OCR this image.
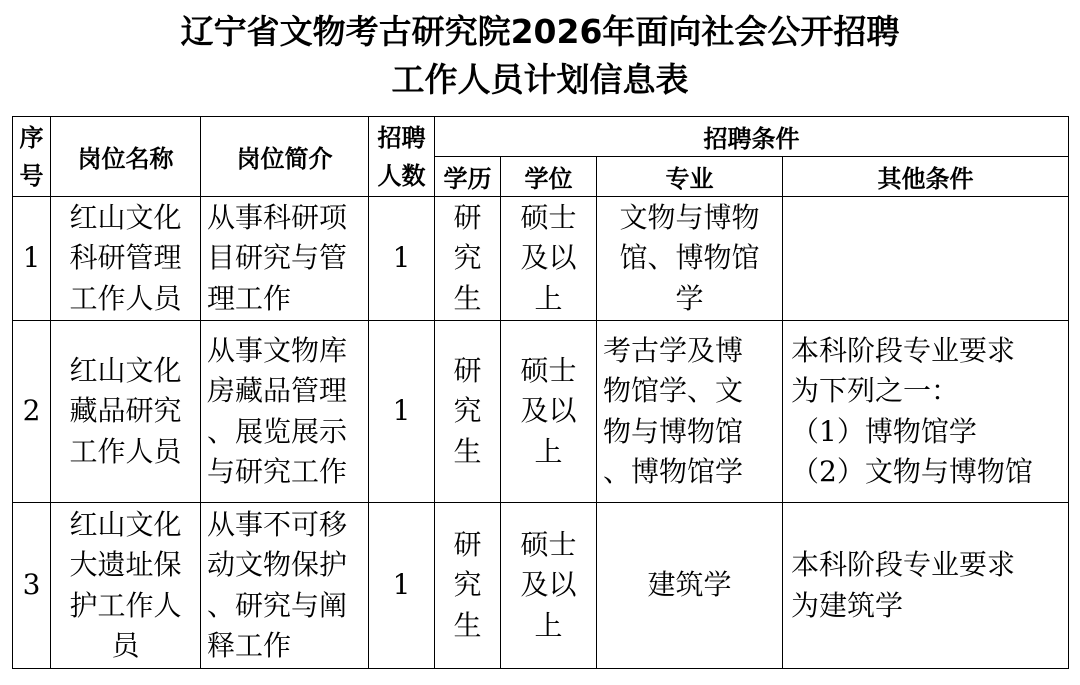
辽宁省文物考古研究院2026年面向社会公开招聘
工作人员计划信息表
序
号	岗位名称	岗位简介	招聘
人数	招聘条件			

				学历	学位	专业	其他条件

1	红山文化
科研管理
工作人员	从事科研项
目研究与管
理工作	1	研
究
生	硕士
及以
上	文物与博物
馆、博物馆
学	

2	红山文化
藏品研究
工作人员	从事文物库
房藏品管理
、展览展示
与研究工作	1	研
究
生	硕士
及以
上	考古学及博
物馆学、文
物与博物馆
、博物馆学	本科阶段专业要求
为下列之一：
（1）博物馆学
（2）文物与博物馆

3	红山文化
大遗址保
护工作人
员	从事不可移
动文物保护
、研究与阐
释工作	1	研
究
生	硕士
及以
上	建筑学	本科阶段专业要求
为建筑学
